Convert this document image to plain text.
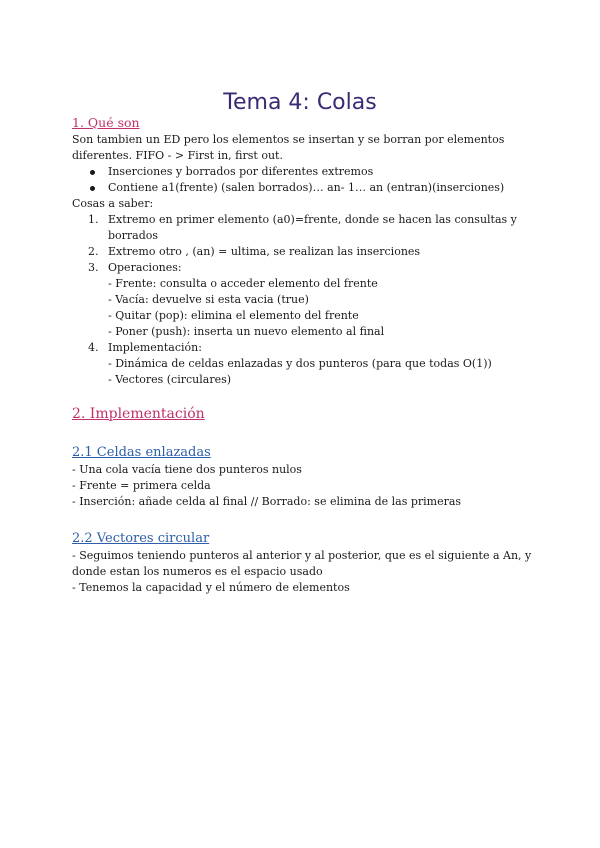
Tema 4: Colas

1. Qué son

Son tambien un ED pero los elementos se insertan y se borran por elementos diferentes. FIFO - > First in, first out.

Inserciones y borrados por diferentes extremos
Contiene a1(frente) (salen borrados)… an- 1… an (entran)(inserciones)

Cosas a saber:

1. Extremo en primer elemento (a0)=frente, donde se hacen las consultas y borrados
2. Extremo otro , (an) = ultima, se realizan las inserciones
3. Operaciones:
- Frente: consulta o acceder elemento del frente
- Vacía: devuelve si esta vacia (true)
- Quitar (pop): elimina el elemento del frente
- Poner (push): inserta un nuevo elemento al final
4. Implementación:
- Dinámica de celdas enlazadas y dos punteros (para que todas O(1))
- Vectores (circulares)

2. Implementación

2.1 Celdas enlazadas

- Una cola vacía tiene dos punteros nulos

- Frente = primera celda

- Inserción: añade celda al final // Borrado: se elimina de las primeras

2.2 Vectores circular

- Seguimos teniendo punteros al anterior y al posterior, que es el siguiente a An, y donde estan los numeros es el espacio usado

- Tenemos la capacidad y el número de elementos
